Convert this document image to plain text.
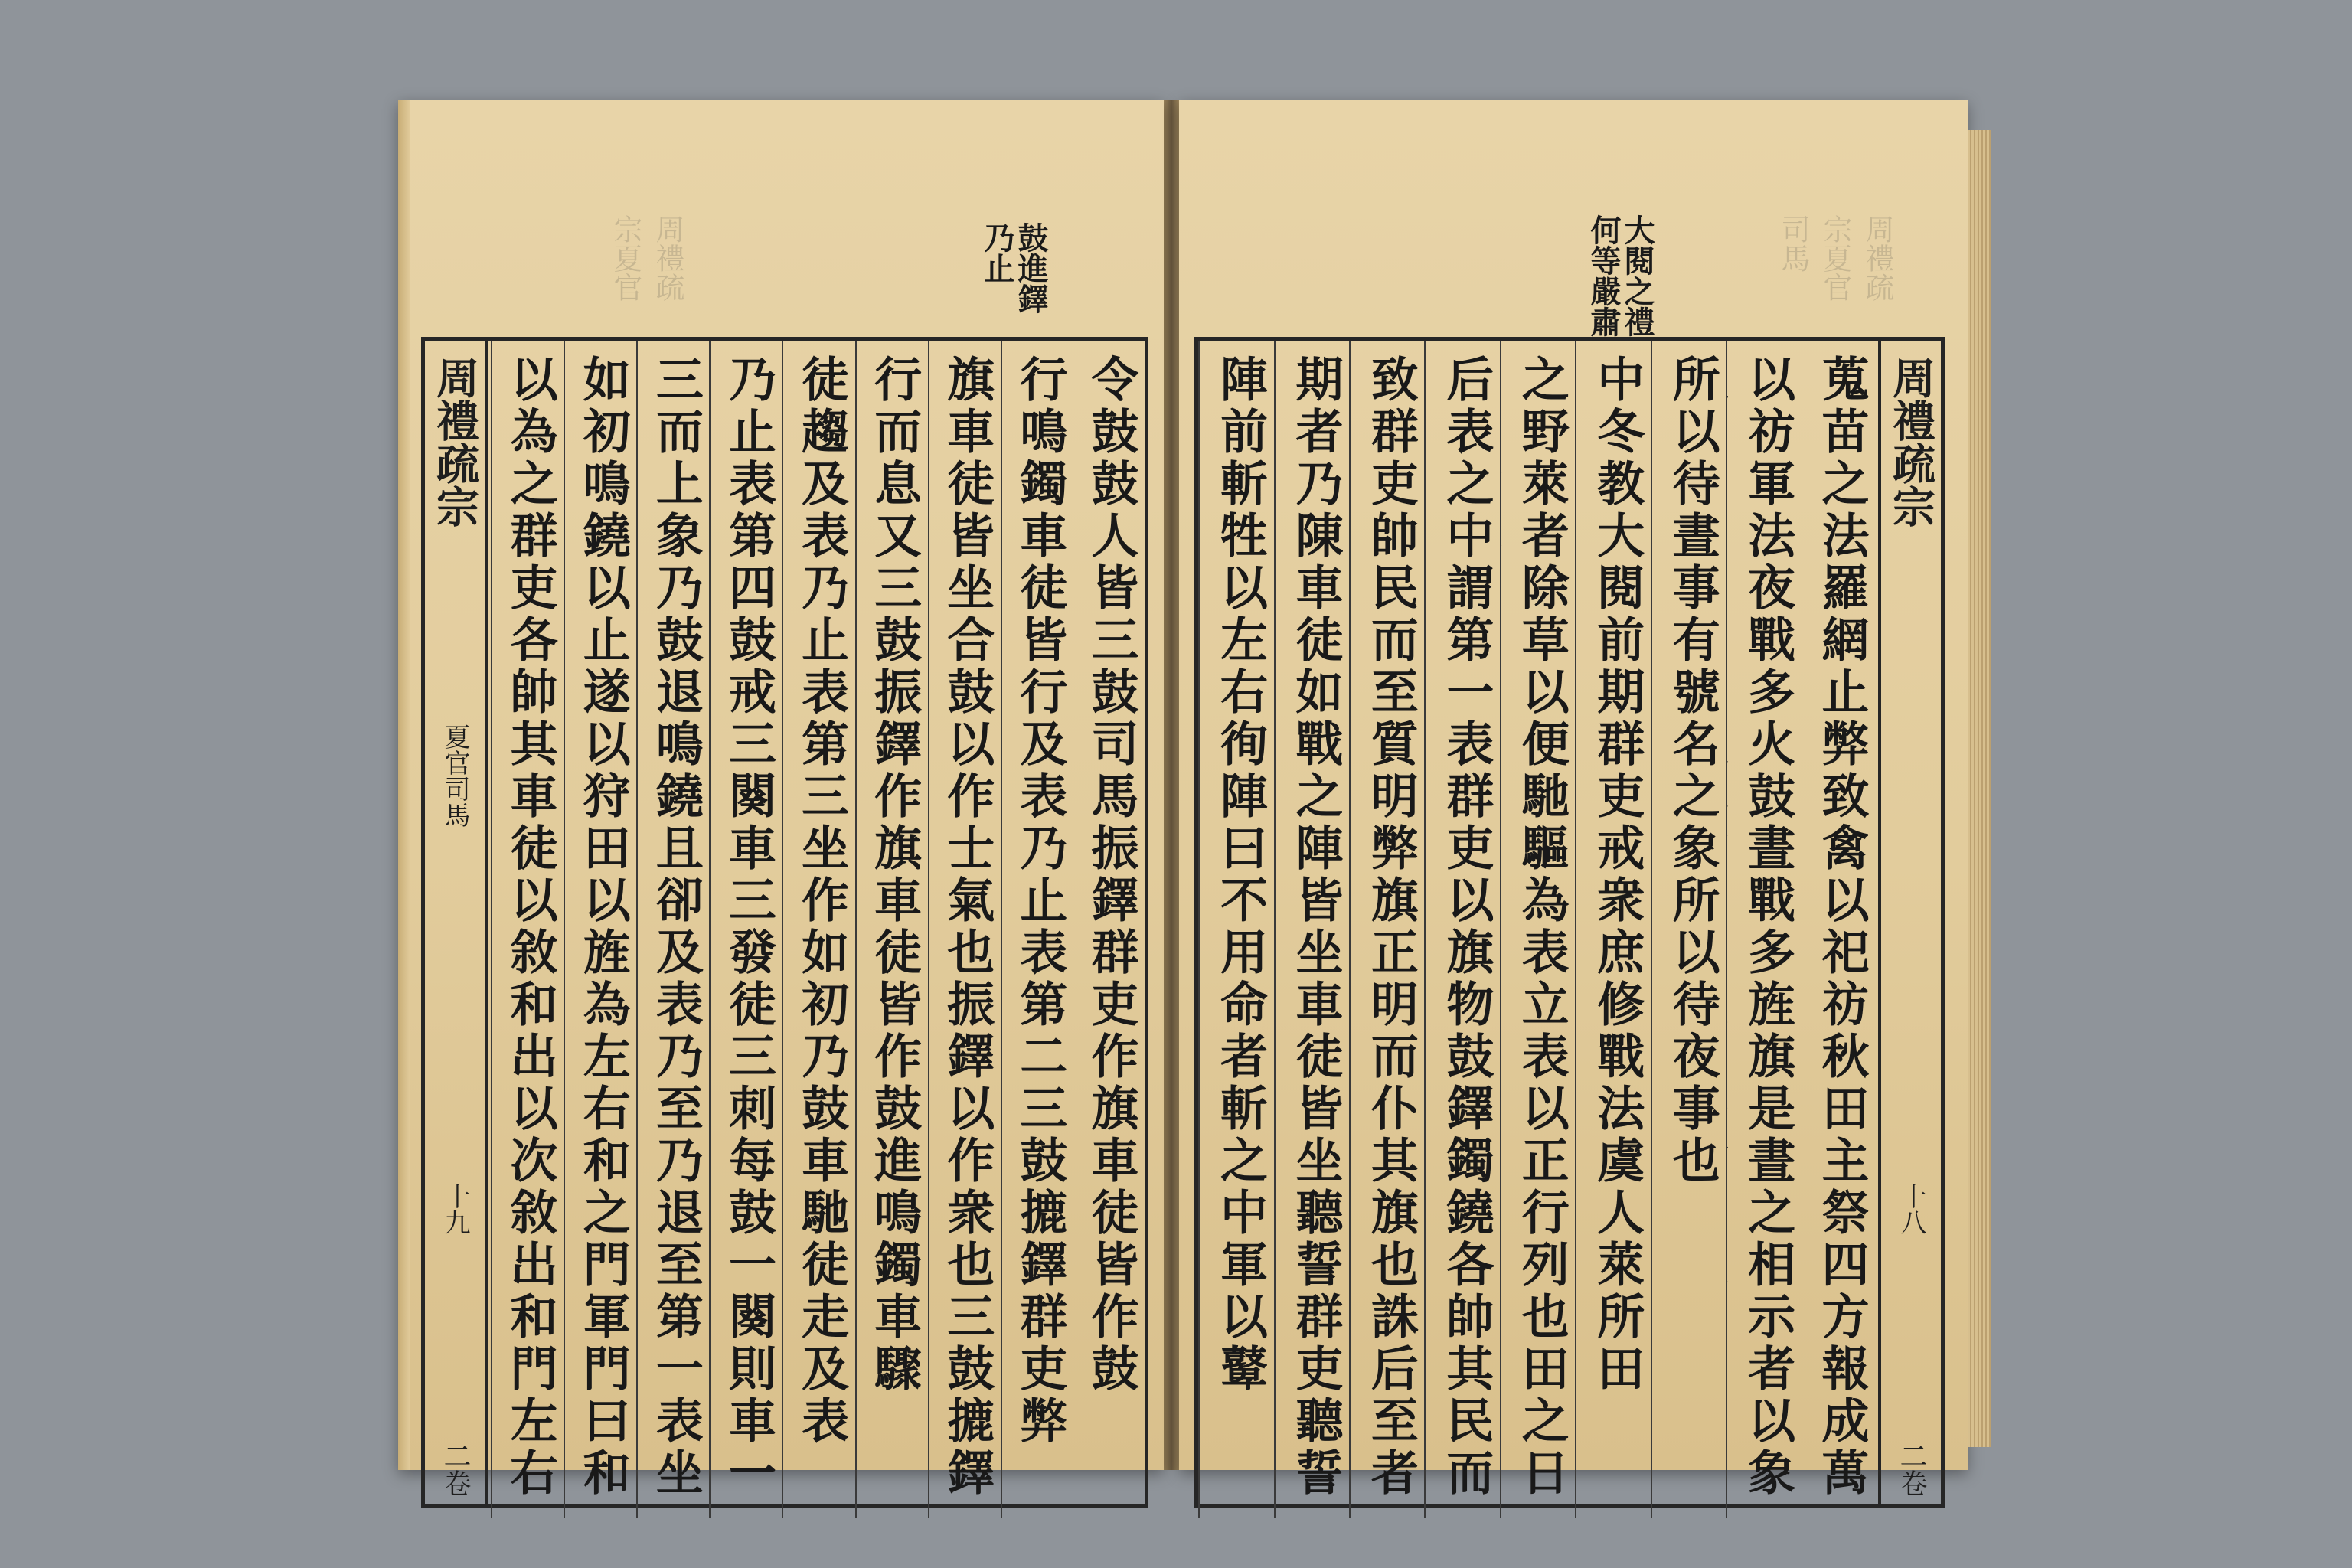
周禮疏宗夏官	鼓進鐸乃止
周禮疏宗
夏官司馬
十九
二卷
令鼓鼓人皆三鼓司馬振鐸群吏作旗車徒皆作鼓
行鳴鐲車徒皆行及表乃止表第二三鼓摝鐸群吏弊
旗車徒皆坐合鼓以作士氣也振鐸以作衆也三鼓摝鐸
行而息又三鼓振鐸作旗車徒皆作鼓進鳴鐲車驟
徒趨及表乃止表第三坐作如初乃鼓車馳徒走及表
乃止表第四鼓戒三闋車三發徒三刺每鼓一闋則車一
三而上象乃鼓退鳴鐃且卻及表乃至乃退至第一表坐
如初鳴鐃以止遂以狩田以旌為左右和之門軍門曰和
以為之群吏各帥其車徒以敘和出以次敘出和門左右
周禮疏宗夏官司馬
大閱之禮何等嚴肅
周禮疏宗
十八
二卷
蒐苗之法羅網止弊致禽以祀祊秋田主祭四方報成萬
以祊軍法夜戰多火鼓晝戰多旌旗是晝之相示者以象
所以待晝事有號名之象所以待夜事也
中冬教大閱前期群吏戒衆庶修戰法虞人萊所田
之野萊者除草以便馳驅為表立表以正行列也田之日
后表之中謂第一表群吏以旗物鼓鐸鐲鐃各帥其民而
致群吏帥民而至質明弊旗正明而仆其旗也誅后至者
期者乃陳車徒如戰之陣皆坐車徒皆坐聽誓群吏聽誓
陣前斬牲以左右徇陣曰不用命者斬之中軍以鼙
